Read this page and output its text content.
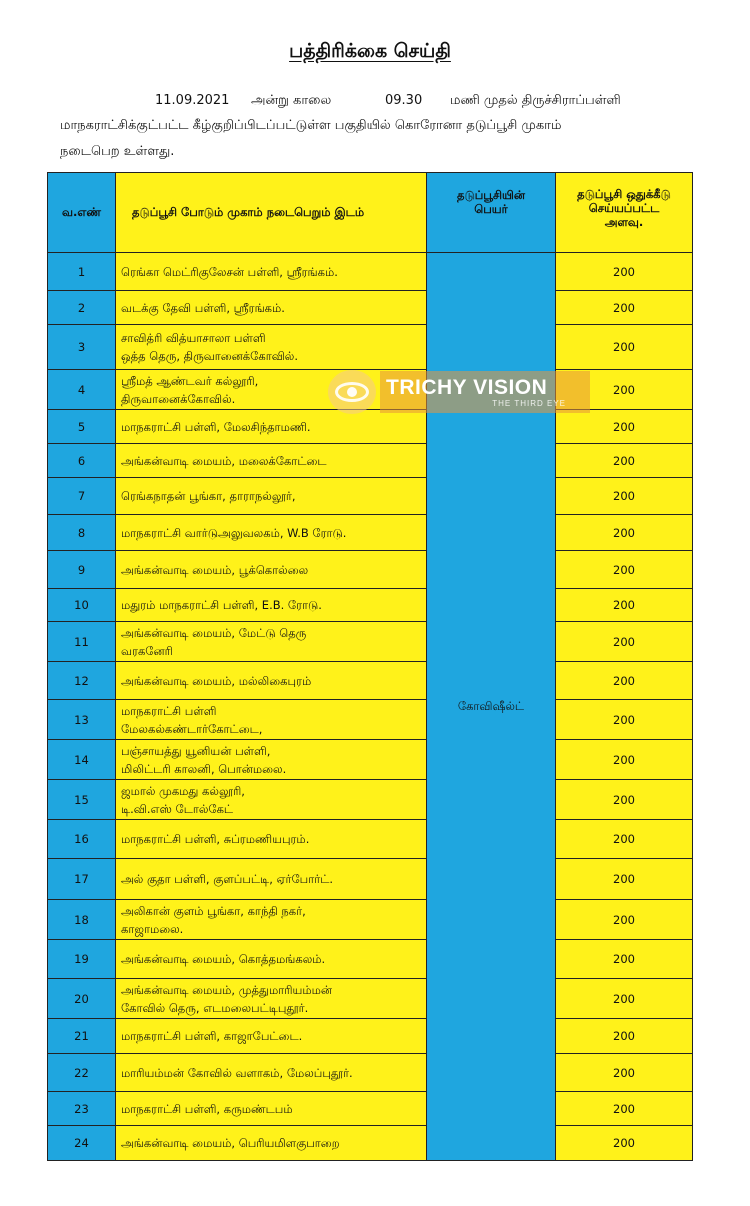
பத்திரிக்கை செய்தி
11.09.2021 அன்று காலை	09.30 மணி முதல் திருச்சிராப்பள்ளி
மாநகராட்சிக்குட்பட்ட கீழ்குறிப்பிடப்பட்டுள்ள பகுதியில் கொரோனா தடுப்பூசி முகாம்
நடைபெற உள்ளது.
வ.எண்	தடுப்பூசி போடும் முகாம் நடைபெறும் இடம்	தடுப்பூசியின் பெயர்	தடுப்பூசி ஒதுக்கீடு செய்யப்பட்ட அளவு.

1	ரெங்கா மெட்ரிகுலேசன் பள்ளி, ஸ்ரீரங்கம்.	கோவிஷீல்ட்	200
2	வடக்கு தேவி பள்ளி, ஸ்ரீரங்கம்.		200
3	சாவித்ரி வித்யாசாலா பள்ளி
ஒத்த தெரு, திருவானைக்கோவில்.		200
4	ஸ்ரீமத் ஆண்டவர் கல்லூரி,
திருவானைக்கோவில்.		200
5	மாநகராட்சி பள்ளி, மேலசிந்தாமணி.		200
6	அங்கன்வாடி மையம், மலைக்கோட்டை		200
7	ரெங்கநாதன் பூங்கா, தாராநல்லூர்,		200
8	மாநகராட்சி வார்டுஅலுவலகம், W.B ரோடு.		200
9	அங்கன்வாடி மையம், பூக்கொல்லை		200
10	மதுரம் மாநகராட்சி பள்ளி, E.B. ரோடு.		200
11	அங்கன்வாடி மையம், மேட்டு தெரு
வரகனேரி		200
12	அங்கன்வாடி மையம், மல்லிகைபுரம்		200
13	மாநகராட்சி பள்ளி
மேலகல்கண்டார்கோட்டை,		200
14	பஞ்சாயத்து யூனியன் பள்ளி,
மிலிட்டரி காலனி, பொன்மலை.		200
15	ஜமால் முகமது கல்லூரி,
டி.வி.எஸ் டோல்கேட்		200
16	மாநகராட்சி பள்ளி, சுப்ரமணியபுரம்.		200
17	அல் குதா பள்ளி, குளப்பட்டி, ஏர்போர்ட்.		200
18	அலிகான் குளம் பூங்கா, காந்தி நகர்,
காஜாமலை.		200
19	அங்கன்வாடி மையம், கொத்தமங்கலம்.		200
20	அங்கன்வாடி மையம், முத்துமாரியம்மன்
கோவில் தெரு, எடமலைபட்டிபுதூர்.		200
21	மாநகராட்சி பள்ளி, காஜாபேட்டை.		200
22	மாரியம்மன் கோவில் வளாகம், மேலப்புதூர்.		200
23	மாநகராட்சி பள்ளி, கருமண்டபம்		200
24	அங்கன்வாடி மையம், பெரியமிளகுபாறை		200
TRICHY VISION
THE THIRD EYE
